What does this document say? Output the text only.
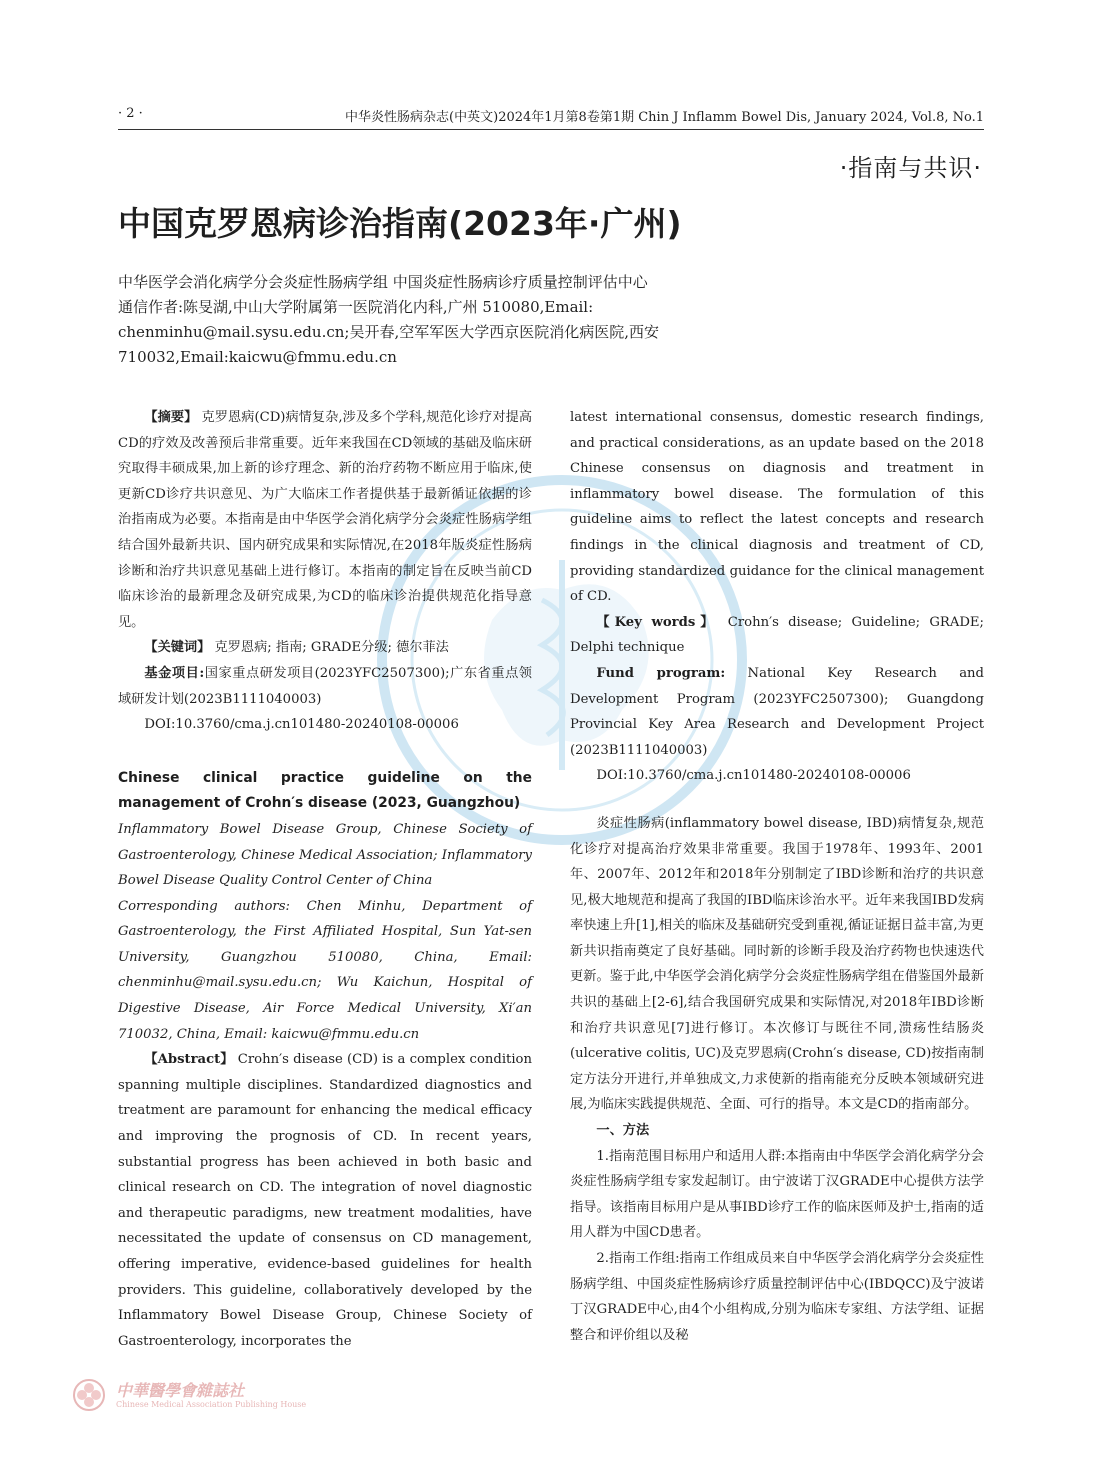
· 2 ·	中华炎性肠病杂志(中英文)2024年1月第8卷第1期 Chin J Inflamm Bowel Dis, January 2024, Vol.8, No.1
·指南与共识·
中国克罗恩病诊治指南(2023年·广州)

中华医学会消化病学分会炎症性肠病学组 中国炎症性肠病诊疗质量控制评估中心

通信作者:陈旻湖,中山大学附属第一医院消化内科,广州 510080,Email:

chenminhu@mail.sysu.edu.cn;吴开春,空军军医大学西京医院消化病医院,西安

710032,Email:kaicwu@fmmu.edu.cn

【摘要】 克罗恩病(CD)病情复杂,涉及多个学科,规范化诊疗对提高CD的疗效及改善预后非常重要。近年来我国在CD领域的基础及临床研究取得丰硕成果,加上新的诊疗理念、新的治疗药物不断应用于临床,使更新CD诊疗共识意见、为广大临床工作者提供基于最新循证依据的诊治指南成为必要。本指南是由中华医学会消化病学分会炎症性肠病学组结合国外最新共识、国内研究成果和实际情况,在2018年版炎症性肠病诊断和治疗共识意见基础上进行修订。本指南的制定旨在反映当前CD临床诊治的最新理念及研究成果,为CD的临床诊治提供规范化指导意见。

【关键词】 克罗恩病; 指南; GRADE分级; 德尔菲法

基金项目:国家重点研发项目(2023YFC2507300);广东省重点领域研发计划(2023B1111040003)

DOI:10.3760/cma.j.cn101480-20240108-00006

Chinese clinical practice guideline on the management of Crohn′s disease (2023, Guangzhou)

Inflammatory Bowel Disease Group, Chinese Society of Gastroenterology, Chinese Medical Association; Inflammatory Bowel Disease Quality Control Center of China

Corresponding authors: Chen Minhu, Department of Gastroenterology, the First Affiliated Hospital, Sun Yat-sen University, Guangzhou 510080, China, Email: chenminhu@mail.sysu.edu.cn; Wu Kaichun, Hospital of Digestive Disease, Air Force Medical University, Xi′an 710032, China, Email: kaicwu@fmmu.edu.cn

【Abstract】 Crohn′s disease (CD) is a complex condition spanning multiple disciplines. Standardized diagnostics and treatment are paramount for enhancing the medical efficacy and improving the prognosis of CD. In recent years, substantial progress has been achieved in both basic and clinical research on CD. The integration of novel diagnostic and therapeutic paradigms, new treatment modalities, have necessitated the update of consensus on CD management, offering imperative, evidence-based guidelines for health providers. This guideline, collaboratively developed by the Inflammatory Bowel Disease Group, Chinese Society of Gastroenterology, incorporates the

latest international consensus, domestic research findings, and practical considerations, as an update based on the 2018 Chinese consensus on diagnosis and treatment in inflammatory bowel disease. The formulation of this guideline aims to reflect the latest concepts and research findings in the clinical diagnosis and treatment of CD, providing standardized guidance for the clinical management of CD.

【Key words】 Crohn′s disease; Guideline; GRADE; Delphi technique

Fund program: National Key Research and Development Program (2023YFC2507300); Guangdong Provincial Key Area Research and Development Project (2023B1111040003)

DOI:10.3760/cma.j.cn101480-20240108-00006

炎症性肠病(inflammatory bowel disease, IBD)病情复杂,规范化诊疗对提高治疗效果非常重要。我国于1978年、1993年、2001年、2007年、2012年和2018年分别制定了IBD诊断和治疗的共识意见,极大地规范和提高了我国的IBD临床诊治水平。近年来我国IBD发病率快速上升[1],相关的临床及基础研究受到重视,循证证据日益丰富,为更新共识指南奠定了良好基础。同时新的诊断手段及治疗药物也快速迭代更新。鉴于此,中华医学会消化病学分会炎症性肠病学组在借鉴国外最新共识的基础上[2-6],结合我国研究成果和实际情况,对2018年IBD诊断和治疗共识意见[7]进行修订。本次修订与既往不同,溃疡性结肠炎(ulcerative colitis, UC)及克罗恩病(Crohn′s disease, CD)按指南制定方法分开进行,并单独成文,力求使新的指南能充分反映本领域研究进展,为临床实践提供规范、全面、可行的指导。本文是CD的指南部分。

一、方法

1.指南范围目标用户和适用人群:本指南由中华医学会消化病学分会炎症性肠病学组专家发起制订。由宁波诺丁汉GRADE中心提供方法学指导。该指南目标用户是从事IBD诊疗工作的临床医师及护士,指南的适用人群为中国CD患者。

2.指南工作组:指南工作组成员来自中华医学会消化病学分会炎症性肠病学组、中国炎症性肠病诊疗质量控制评估中心(IBDQCC)及宁波诺丁汉GRADE中心,由4个小组构成,分别为临床专家组、方法学组、证据整合和评价组以及秘

中華醫學會雜誌社
Chinese Medical Association Publishing House
